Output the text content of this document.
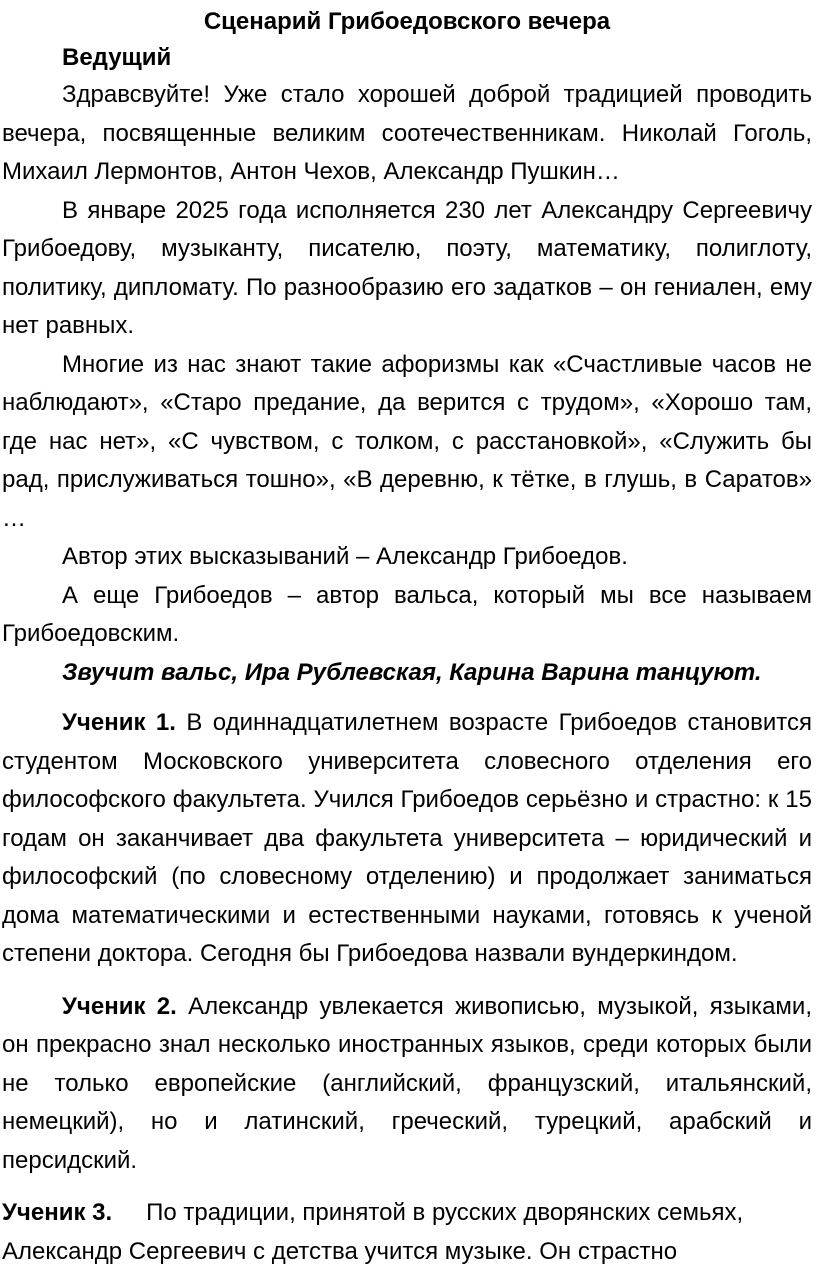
Сценарий Грибоедовского вечера

Ведущий

Здравсвуйте! Уже стало хорошей доброй традицией проводить вечера, посвященные великим соотечественникам. Николай Гоголь, Михаил Лермонтов, Антон Чехов, Александр Пушкин…

В январе 2025 года исполняется 230 лет Александру Сергеевичу Грибоедову, музыканту, писателю, поэту, математику, полиглоту, политику, дипломату. По разнообразию его задатков – он гениален, ему нет равных.

Многие из нас знают такие афоризмы как «Счастливые часов не наблюдают», «Старо предание, да верится с трудом», «Хорошо там, где нас нет», «С чувством, с толком, с расстановкой», «Служить бы рад, прислуживаться тошно», «В деревню, к тётке, в глушь, в Саратов» …

Автор этих высказываний – Александр Грибоедов.

А еще Грибоедов – автор вальса, который мы все называем Грибоедовским.

Звучит вальс, Ира Рублевская, Карина Варина танцуют.

Ученик 1. В одиннадцатилетнем возрасте Грибоедов становится студентом Московского университета словесного отделения его философского факультета. Учился Грибоедов серьёзно и страстно: к 15 годам он заканчивает два факультета университета – юридический и философский (по словесному отделению) и продолжает заниматься дома математическими и естественными науками, готовясь к ученой степени доктора. Сегодня бы Грибоедова назвали вундеркиндом.

Ученик 2. Александр увлекается живописью, музыкой, языками, он прекрасно знал несколько иностранных языков, среди которых были не только европейские (английский, французский, итальянский, немецкий), но и латинский, греческий, турецкий, арабский и персидский.

Ученик 3. По традиции, принятой в русских дворянских семьях,
Александр Сергеевич с детства учится музыке. Он страстно
